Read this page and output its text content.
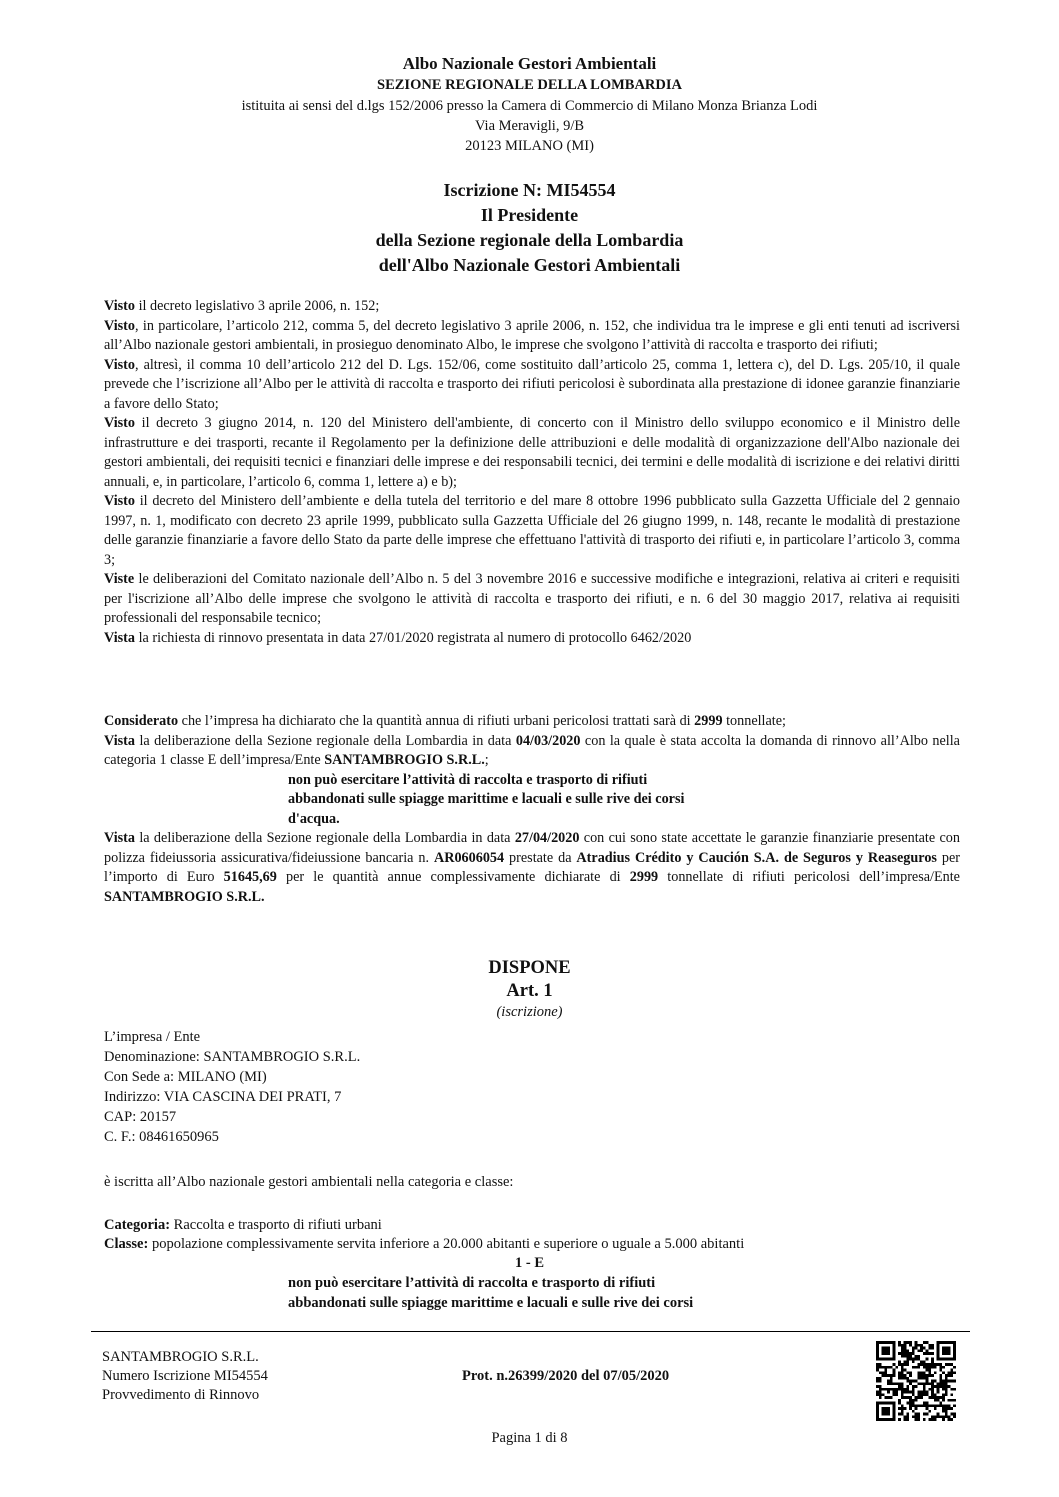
Albo Nazionale Gestori Ambientali
SEZIONE REGIONALE DELLA LOMBARDIA
istituita ai sensi del d.lgs 152/2006 presso la Camera di Commercio di Milano Monza Brianza Lodi
Via Meravigli, 9/B
20123 MILANO (MI)
Iscrizione N: MI54554
Il Presidente
della Sezione regionale della Lombardia
dell'Albo Nazionale Gestori Ambientali

Visto il decreto legislativo 3 aprile 2006, n. 152;

Visto, in particolare, l’articolo 212, comma 5, del decreto legislativo 3 aprile 2006, n. 152, che individua tra le imprese e gli enti tenuti ad iscriversi all’Albo nazionale gestori ambientali, in prosieguo denominato Albo, le imprese che svolgono l’attività di raccolta e trasporto dei rifiuti;

Visto, altresì, il comma 10 dell’articolo 212 del D. Lgs. 152/06, come sostituito dall’articolo 25, comma 1, lettera c), del D. Lgs. 205/10, il quale prevede che l’iscrizione all’Albo per le attività di raccolta e trasporto dei rifiuti pericolosi è subordinata alla prestazione di idonee garanzie finanziarie a favore dello Stato;

Visto il decreto 3 giugno 2014, n. 120 del Ministero dell'ambiente, di concerto con il Ministro dello sviluppo economico e il Ministro delle infrastrutture e dei trasporti, recante il Regolamento per la definizione delle attribuzioni e delle modalità di organizzazione dell'Albo nazionale dei gestori ambientali, dei requisiti tecnici e finanziari delle imprese e dei responsabili tecnici, dei termini e delle modalità di iscrizione e dei relativi diritti annuali, e, in particolare, l’articolo 6, comma 1, lettere a) e b);

Visto il decreto del Ministero dell’ambiente e della tutela del territorio e del mare 8 ottobre 1996 pubblicato sulla Gazzetta Ufficiale del 2 gennaio 1997, n. 1, modificato con decreto 23 aprile 1999, pubblicato sulla Gazzetta Ufficiale del 26 giugno 1999, n. 148, recante le modalità di prestazione delle garanzie finanziarie a favore dello Stato da parte delle imprese che effettuano l'attività di trasporto dei rifiuti e, in particolare l’articolo 3, comma 3;

Viste le deliberazioni del Comitato nazionale dell’Albo n. 5 del 3 novembre 2016 e successive modifiche e integrazioni, relativa ai criteri e requisiti per l'iscrizione all’Albo delle imprese che svolgono le attività di raccolta e trasporto dei rifiuti, e n. 6 del 30 maggio 2017, relativa ai requisiti professionali del responsabile tecnico;

Vista la richiesta di rinnovo presentata in data 27/01/2020 registrata al numero di protocollo 6462/2020

Considerato che l’impresa ha dichiarato che la quantità annua di rifiuti urbani pericolosi trattati sarà di 2999 tonnellate;

Vista la deliberazione della Sezione regionale della Lombardia in data 04/03/2020 con la quale è stata accolta la domanda di rinnovo all’Albo nella categoria 1 classe E dell’impresa/Ente SANTAMBROGIO S.R.L.;

non può esercitare l’attività di raccolta e trasporto di rifiuti

abbandonati sulle spiagge marittime e lacuali e sulle rive dei corsi

d'acqua.

Vista la deliberazione della Sezione regionale della Lombardia in data 27/04/2020 con cui sono state accettate le garanzie finanziarie presentate con polizza fideiussoria assicurativa/fideiussione bancaria n. AR0606054 prestate da Atradius Crédito y Caución S.A. de Seguros y Reaseguros per l’importo di Euro 51645,69 per le quantità annue complessivamente dichiarate di 2999 tonnellate di rifiuti pericolosi dell’impresa/Ente SANTAMBROGIO S.R.L.

DISPONE
Art. 1
(iscrizione)
L’impresa / Ente
Denominazione: SANTAMBROGIO S.R.L.
Con Sede a: MILANO (MI)
Indirizzo: VIA CASCINA DEI PRATI, 7
CAP: 20157
C. F.: 08461650965
è iscritta all’Albo nazionale gestori ambientali nella categoria e classe:
Categoria: Raccolta e trasporto di rifiuti urbani
Classe: popolazione complessivamente servita inferiore a 20.000 abitanti e superiore o uguale a 5.000 abitanti
1 - E
non può esercitare l’attività di raccolta e trasporto di rifiuti
abbandonati sulle spiagge marittime e lacuali e sulle rive dei corsi
SANTAMBROGIO S.R.L.
Numero Iscrizione MI54554
Provvedimento di Rinnovo
Prot. n.26399/2020 del 07/05/2020
Pagina 1 di 8
